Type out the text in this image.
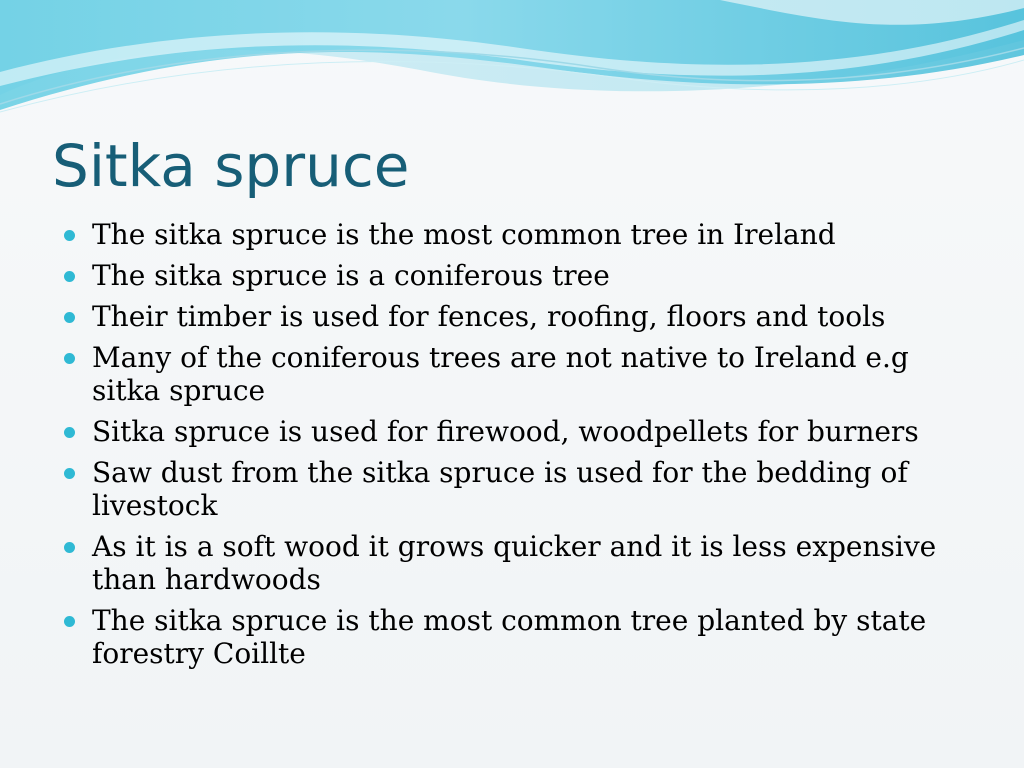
Sitka spruce
The sitka spruce is the most common tree in Ireland
The sitka spruce is a coniferous tree
Their timber is used for fences, roofing, floors and tools
Many of the coniferous trees are not native to Ireland e.g sitka spruce
Sitka spruce is used for firewood, woodpellets for burners
Saw dust from the sitka spruce is used for the bedding of livestock
As it is a soft wood it grows quicker and it is less expensive than hardwoods
The sitka spruce is the most common tree planted by state forestry Coillte
